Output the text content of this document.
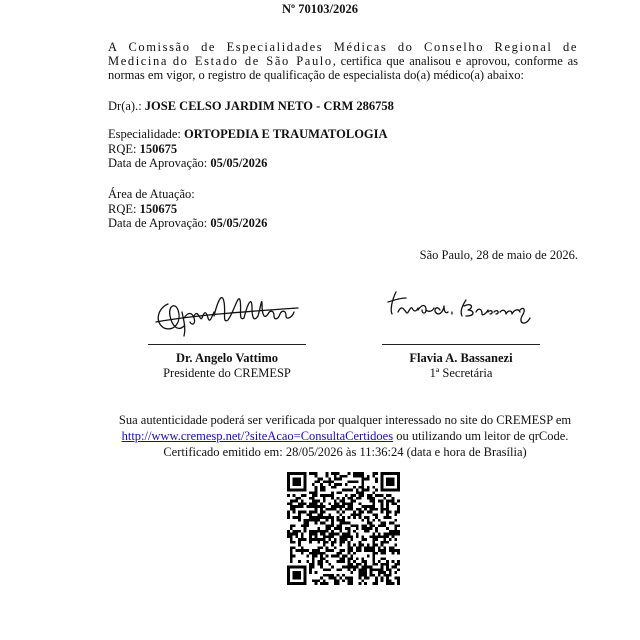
Nº 70103/2026
A Comissão de Especialidades Médicas do Conselho Regional de Medicina do Estado de São Paulo, certifica que analisou e aprovou, conforme as normas em vigor, o registro de qualificação de especialista do(a) médico(a) abaixo:
Dr(a).: JOSE CELSO JARDIM NETO - CRM 286758
Especialidade: ORTOPEDIA E TRAUMATOLOGIA
RQE: 150675
Data de Aprovação: 05/05/2026
Área de Atuação:
RQE: 150675
Data de Aprovação: 05/05/2026
São Paulo, 28 de maio de 2026.
Dr. Angelo Vattimo
Presidente do CREMESP
Flavia A. Bassanezi
1ª Secretária
Sua autenticidade poderá ser verificada por qualquer interessado no site do CREMESP em
http://www.cremesp.net/?siteAcao=ConsultaCertidoes ou utilizando um leitor de qrCode.
Certificado emitido em: 28/05/2026 às 11:36:24 (data e hora de Brasília)
